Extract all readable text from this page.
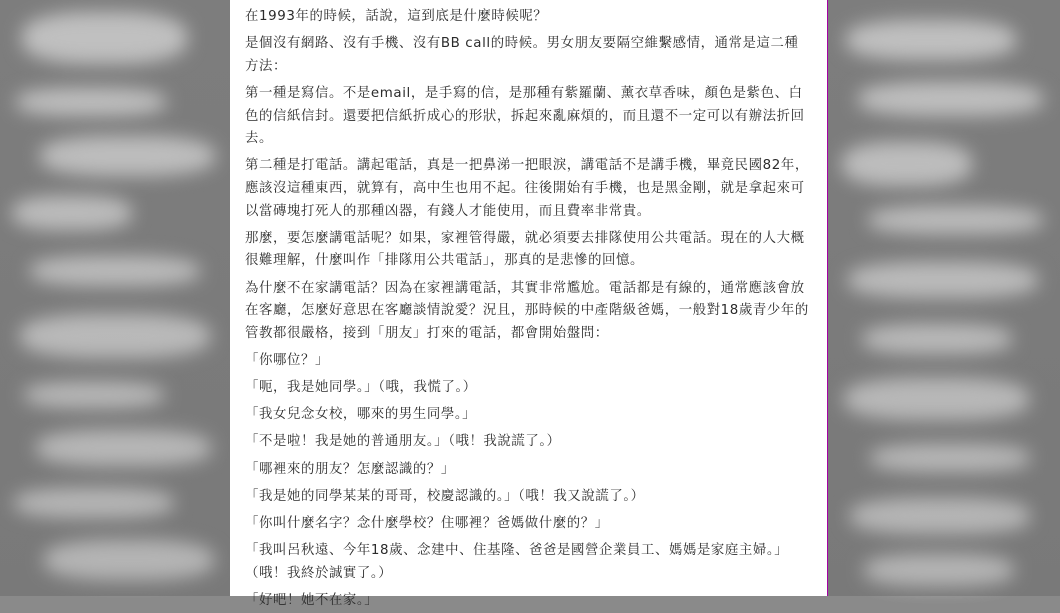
在1993年的時候，話說，這到底是什麼時候呢？

是個沒有網路、沒有手機、沒有BB call的時候。男女朋友要隔空維繫感情，通常是這二種方法：

第一種是寫信。不是email，是手寫的信，是那種有紫羅蘭、薰衣草香味，顏色是紫色、白色的信紙信封。還要把信紙折成心的形狀，拆起來亂麻煩的，而且還不一定可以有辦法折回去。

第二種是打電話。講起電話，真是一把鼻涕一把眼淚，講電話不是講手機，畢竟民國82年，應該沒這種東西，就算有，高中生也用不起。往後開始有手機，也是黑金剛，就是拿起來可以當磚塊打死人的那種凶器，有錢人才能使用，而且費率非常貴。

那麼，要怎麼講電話呢？如果，家裡管得嚴，就必須要去排隊使用公共電話。現在的人大概很難理解，什麼叫作「排隊用公共電話」，那真的是悲慘的回憶。

為什麼不在家講電話？因為在家裡講電話，其實非常尷尬。電話都是有線的，通常應該會放在客廳，怎麼好意思在客廳談情說愛？況且，那時候的中產階級爸媽，一般對18歲青少年的管教都很嚴格，接到「朋友」打來的電話，都會開始盤問：

「你哪位？」

「呃，我是她同學。」（哦，我慌了。）

「我女兒念女校，哪來的男生同學。」

「不是啦！我是她的普通朋友。」（哦！我說謊了。）

「哪裡來的朋友？怎麼認識的？」

「我是她的同學某某的哥哥，校慶認識的。」（哦！我又說謊了。）

「你叫什麼名字？念什麼學校？住哪裡？爸媽做什麼的？」

「我叫呂秋遠、今年18歲、念建中、住基隆、爸爸是國營企業員工、媽媽是家庭主婦。」（哦！我終於誠實了。）

「好吧！她不在家。」
